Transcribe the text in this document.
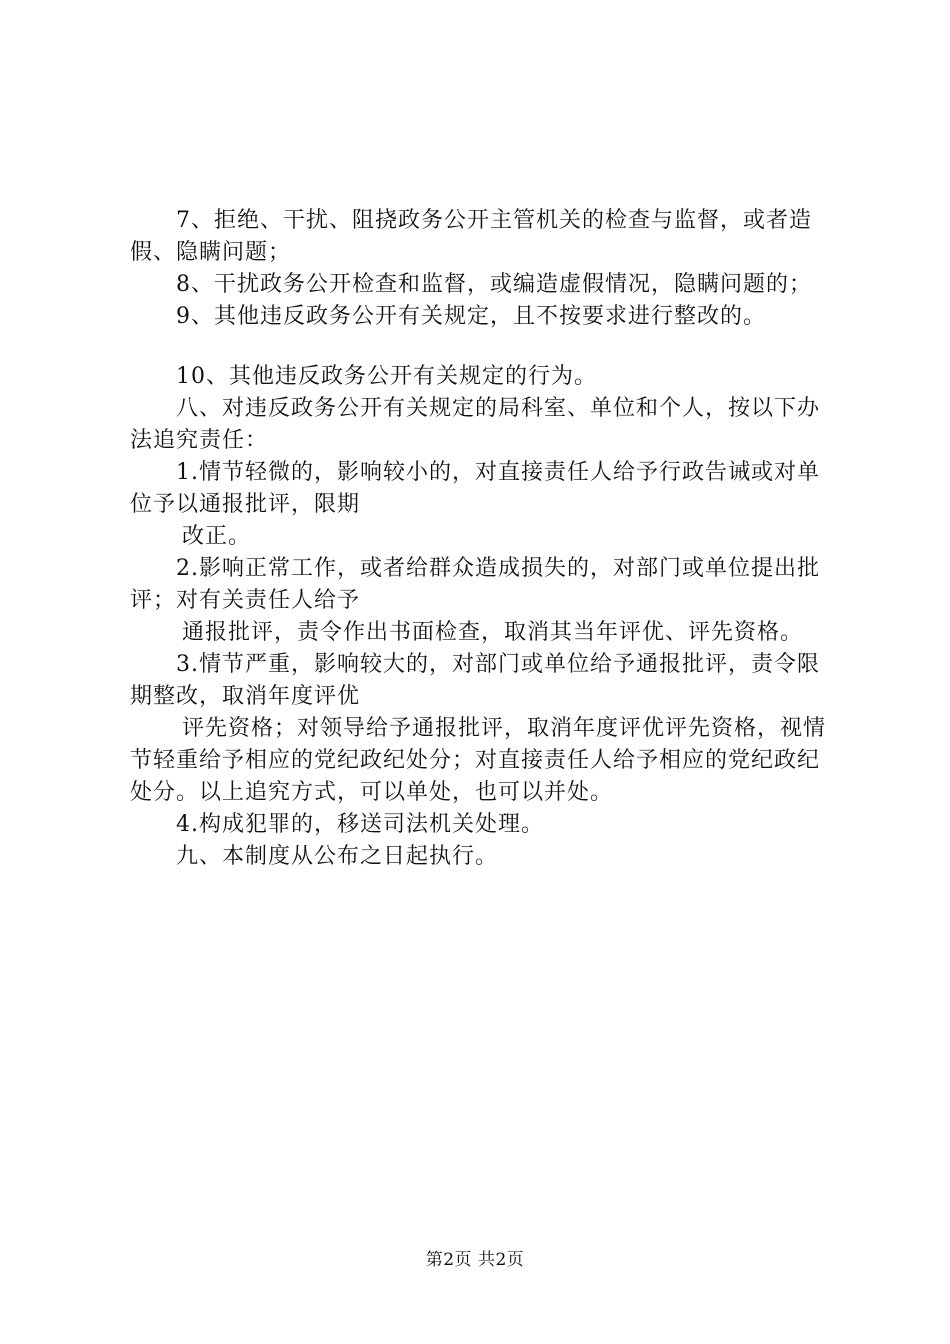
7、拒绝、干扰、阻挠政务公开主管机关的检查与监督，或者造假、隐瞒问题；

8、干扰政务公开检查和监督，或编造虚假情况，隐瞒问题的；

9、其他违反政务公开有关规定，且不按要求进行整改的。

10、其他违反政务公开有关规定的行为。

八、对违反政务公开有关规定的局科室、单位和个人，按以下办法追究责任：

1.情节轻微的，影响较小的，对直接责任人给予行政告诫或对单位予以通报批评，限期

改正。

2.影响正常工作，或者给群众造成损失的，对部门或单位提出批评；对有关责任人给予

通报批评，责令作出书面检查，取消其当年评优、评先资格。

3.情节严重，影响较大的，对部门或单位给予通报批评，责令限期整改，取消年度评优

评先资格；对领导给予通报批评，取消年度评优评先资格，视情节轻重给予相应的党纪政纪处分；对直接责任人给予相应的党纪政纪处分。以上追究方式，可以单处，也可以并处。

4.构成犯罪的，移送司法机关处理。

九、本制度从公布之日起执行。

第2页 共2页
